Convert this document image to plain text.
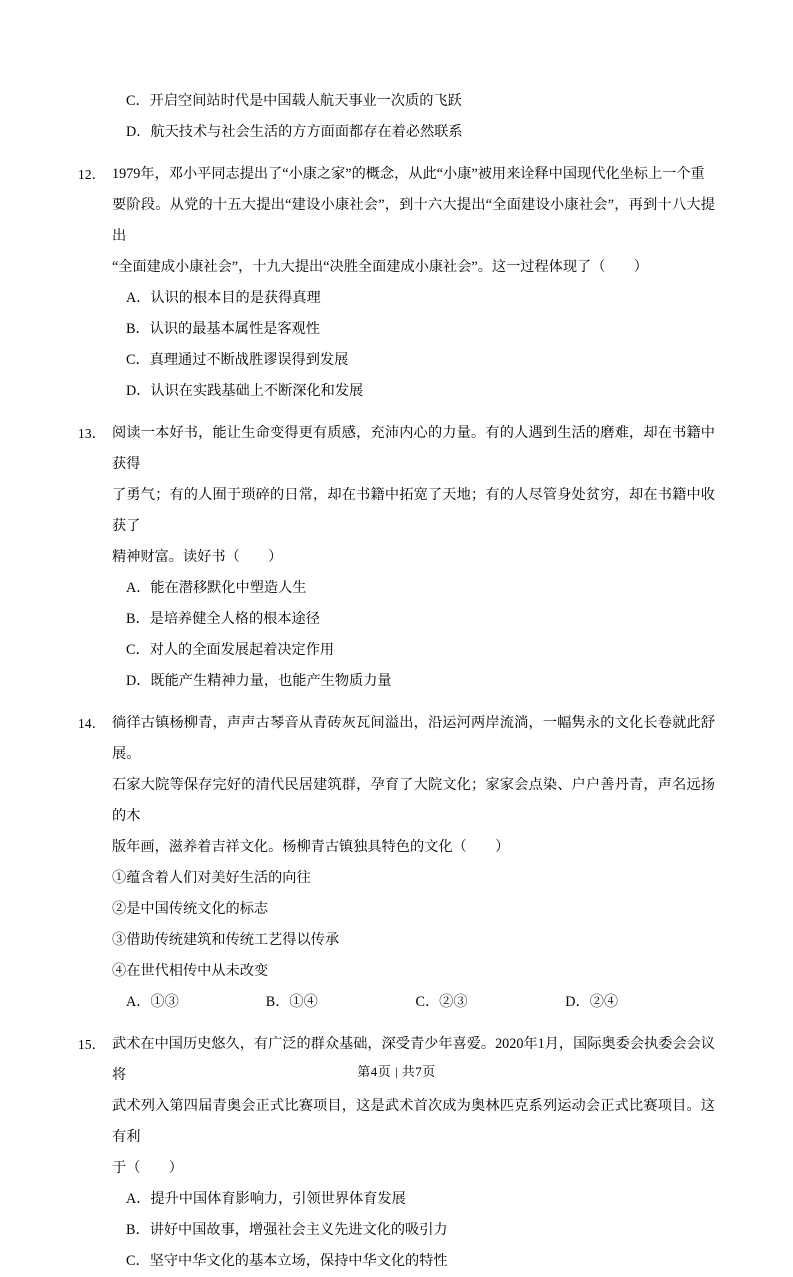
C．开启空间站时代是中国载人航天事业一次质的飞跃
D．航天技术与社会生活的方方面面都存在着必然联系
12． 1979年，邓小平同志提出了“小康之家”的概念，从此“小康”被用来诠释中国现代化坐标上一个重
要阶段。从党的十五大提出“建设小康社会”，到十六大提出“全面建设小康社会”，再到十八大提出
“全面建成小康社会”，十九大提出“决胜全面建成小康社会”。这一过程体现了（　　）
A．认识的根本目的是获得真理
B．认识的最基本属性是客观性
C．真理通过不断战胜谬误得到发展
D．认识在实践基础上不断深化和发展
13． 阅读一本好书，能让生命变得更有质感，充沛内心的力量。有的人遇到生活的磨难，却在书籍中获得
了勇气；有的人囿于琐碎的日常，却在书籍中拓宽了天地；有的人尽管身处贫穷，却在书籍中收获了
精神财富。读好书（　　）
A．能在潜移默化中塑造人生
B．是培养健全人格的根本途径
C．对人的全面发展起着决定作用
D．既能产生精神力量，也能产生物质力量
14． 徜徉古镇杨柳青，声声古琴音从青砖灰瓦间溢出，沿运河两岸流淌，一幅隽永的文化长卷就此舒展。
石家大院等保存完好的清代民居建筑群，孕育了大院文化；家家会点染、户户善丹青，声名远扬的木
版年画，滋养着吉祥文化。杨柳青古镇独具特色的文化（　　）
①蕴含着人们对美好生活的向往
②是中国传统文化的标志
③借助传统建筑和传统工艺得以传承
④在世代相传中从未改变
A．①③	B．①④	C．②③	D．②④
15． 武术在中国历史悠久，有广泛的群众基础，深受青少年喜爱。2020年1月，国际奥委会执委会会议将
武术列入第四届青奥会正式比赛项目，这是武术首次成为奥林匹克系列运动会正式比赛项目。这有利
于（　　）
A．提升中国体育影响力，引领世界体育发展
B．讲好中国故事，增强社会主义先进文化的吸引力
C．坚守中华文化的基本立场，保持中华文化的特性
第4页 | 共7页
